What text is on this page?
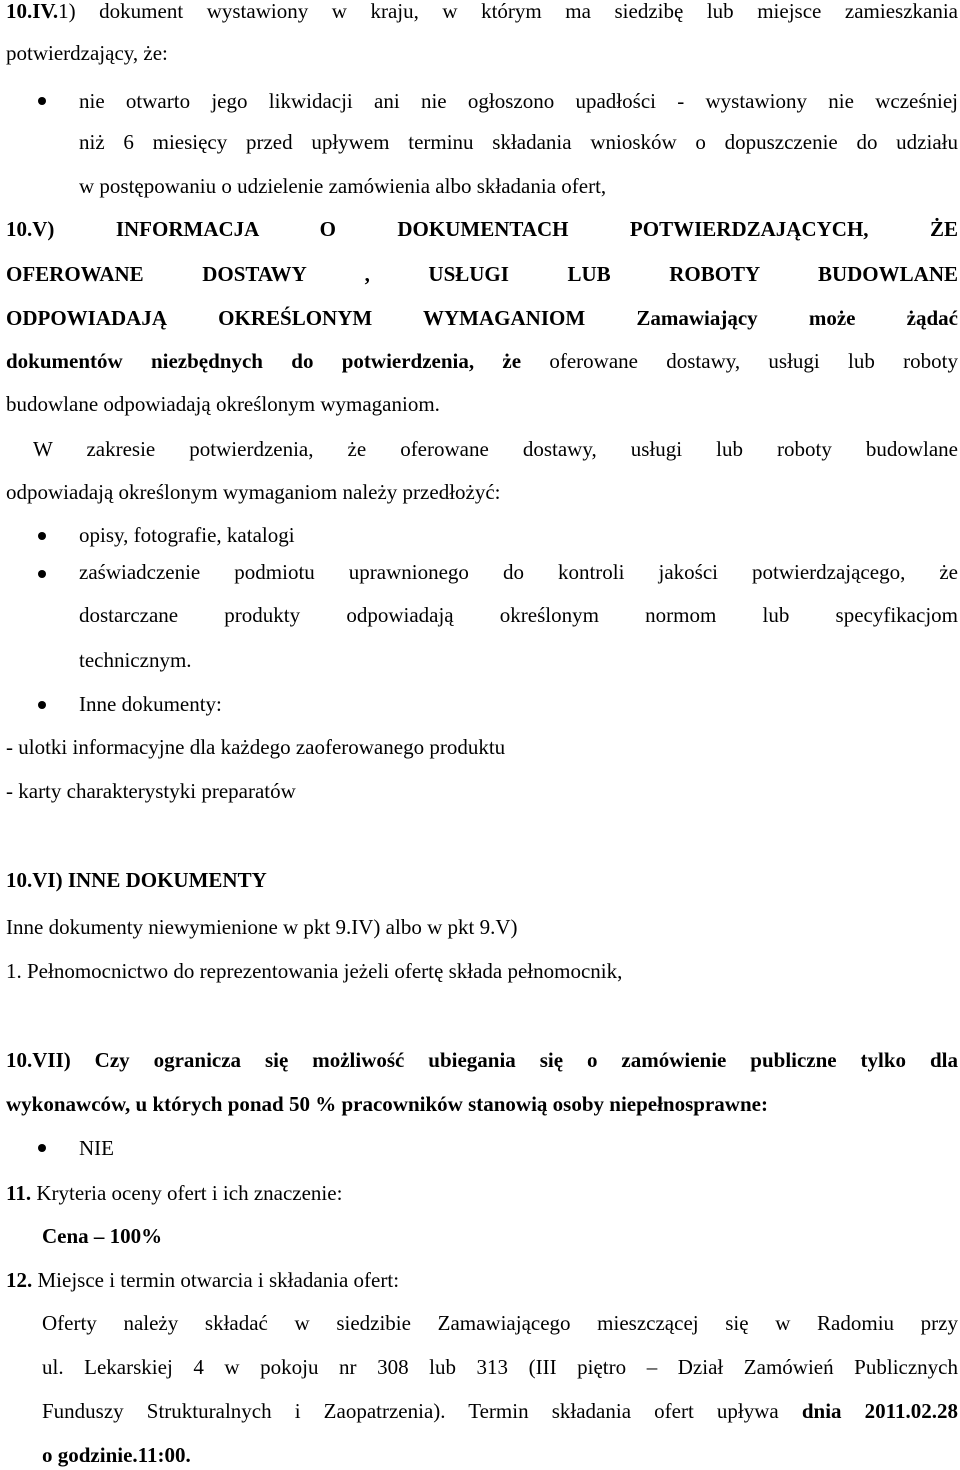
10.IV.1) dokument wystawiony w kraju, w którym ma siedzibę lub miejsce zamieszkania
potwierdzający, że:
nie otwarto jego likwidacji ani nie ogłoszono upadłości - wystawiony nie wcześniej
niż 6 miesięcy przed upływem terminu składania wniosków o dopuszczenie do udziału
w postępowaniu o udzielenie zamówienia albo składania ofert,
10.V) INFORMACJA O DOKUMENTACH POTWIERDZAJĄCYCH, ŻE
OFEROWANE DOSTAWY , USŁUGI LUB ROBOTY BUDOWLANE
ODPOWIADAJĄ OKREŚLONYM WYMAGANIOM Zamawiający może żądać
dokumentów niezbędnych do potwierdzenia, że oferowane dostawy, usługi lub roboty
budowlane odpowiadają określonym wymaganiom.
W zakresie potwierdzenia, że oferowane dostawy, usługi lub roboty budowlane
odpowiadają określonym wymaganiom należy przedłożyć:
opisy, fotografie, katalogi
zaświadczenie podmiotu uprawnionego do kontroli jakości potwierdzającego, że
dostarczane produkty odpowiadają określonym normom lub specyfikacjom
technicznym.
Inne dokumenty:
- ulotki informacyjne dla każdego zaoferowanego produktu
- karty charakterystyki preparatów
10.VI) INNE DOKUMENTY
Inne dokumenty niewymienione w pkt 9.IV) albo w pkt 9.V)
1. Pełnomocnictwo do reprezentowania jeżeli ofertę składa pełnomocnik,
10.VII) Czy ogranicza się możliwość ubiegania się o zamówienie publiczne tylko dla
wykonawców, u których ponad 50 % pracowników stanowią osoby niepełnosprawne:
NIE
11. Kryteria oceny ofert i ich znaczenie:
Cena – 100%
12. Miejsce i termin otwarcia i składania ofert:
Oferty należy składać w siedzibie Zamawiającego mieszczącej się w Radomiu przy
ul. Lekarskiej 4 w pokoju nr 308 lub 313 (III piętro – Dział Zamówień Publicznych
Funduszy Strukturalnych i Zaopatrzenia). Termin składania ofert upływa dnia 2011.02.28
o godzinie.11:00.
